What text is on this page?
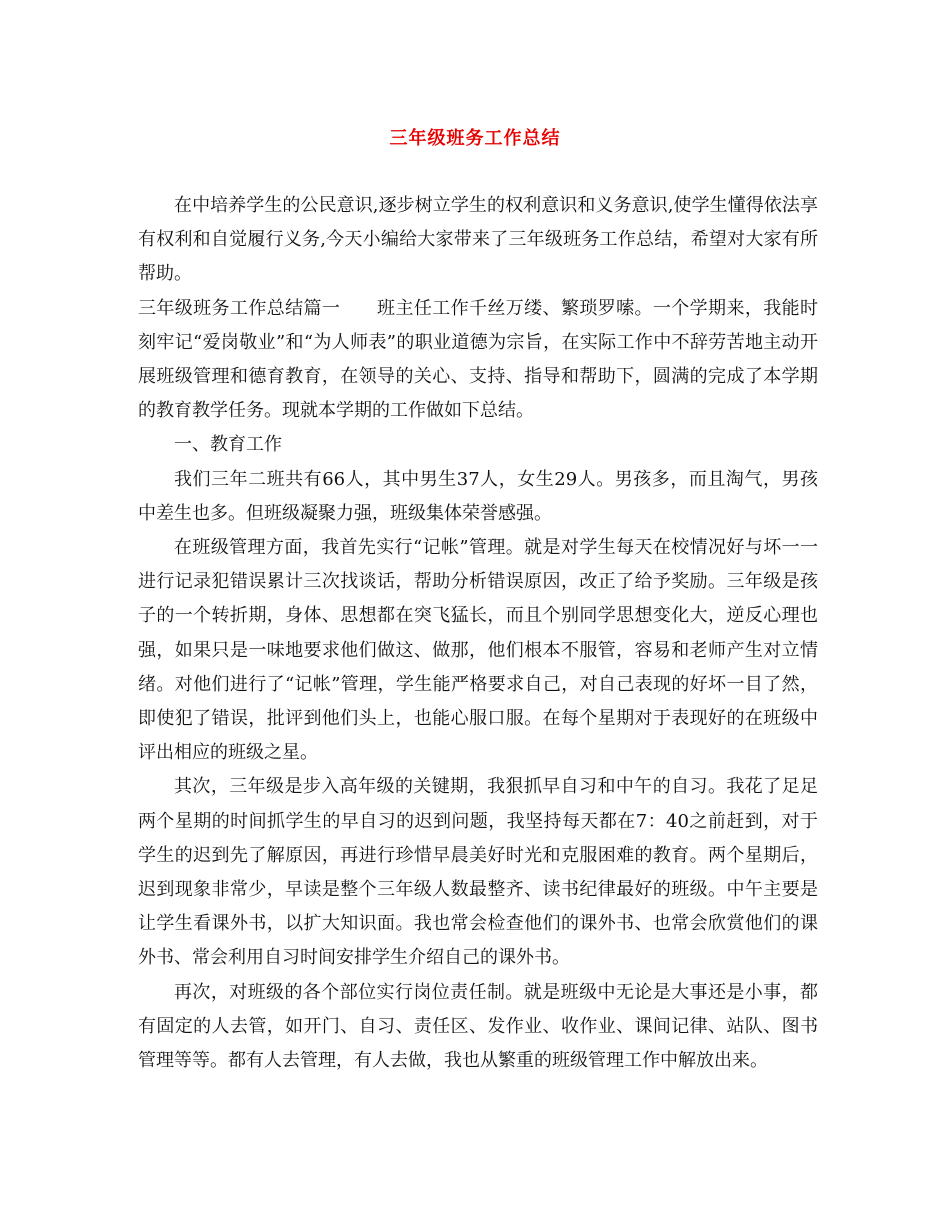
三年级班务工作总结

在中培养学生的公民意识,逐步树立学生的权利意识和义务意识,使学生懂得依法享有权利和自觉履行义务,今天小编给大家带来了三年级班务工作总结，希望对大家有所帮助。

三年级班务工作总结篇一　　班主任工作千丝万缕、繁琐罗嗦。一个学期来，我能时刻牢记“爱岗敬业”和“为人师表”的职业道德为宗旨，在实际工作中不辞劳苦地主动开展班级管理和德育教育，在领导的关心、支持、指导和帮助下，圆满的完成了本学期的教育教学任务。现就本学期的工作做如下总结。

一、教育工作

我们三年二班共有66人，其中男生37人，女生29人。男孩多，而且淘气，男孩中差生也多。但班级凝聚力强，班级集体荣誉感强。

在班级管理方面，我首先实行“记帐”管理。就是对学生每天在校情况好与坏一一进行记录犯错误累计三次找谈话，帮助分析错误原因，改正了给予奖励。三年级是孩子的一个转折期，身体、思想都在突飞猛长，而且个别同学思想变化大，逆反心理也强，如果只是一味地要求他们做这、做那，他们根本不服管，容易和老师产生对立情绪。对他们进行了“记帐”管理，学生能严格要求自己，对自己表现的好坏一目了然，即使犯了错误，批评到他们头上，也能心服口服。在每个星期对于表现好的在班级中评出相应的班级之星。

其次，三年级是步入高年级的关键期，我狠抓早自习和中午的自习。我花了足足两个星期的时间抓学生的早自习的迟到问题，我坚持每天都在7：40之前赶到，对于学生的迟到先了解原因，再进行珍惜早晨美好时光和克服困难的教育。两个星期后，迟到现象非常少，早读是整个三年级人数最整齐、读书纪律最好的班级。中午主要是让学生看课外书，以扩大知识面。我也常会检查他们的课外书、也常会欣赏他们的课外书、常会利用自习时间安排学生介绍自己的课外书。

再次，对班级的各个部位实行岗位责任制。就是班级中无论是大事还是小事，都有固定的人去管，如开门、自习、责任区、发作业、收作业、课间记律、站队、图书管理等等。都有人去管理，有人去做，我也从繁重的班级管理工作中解放出来。
